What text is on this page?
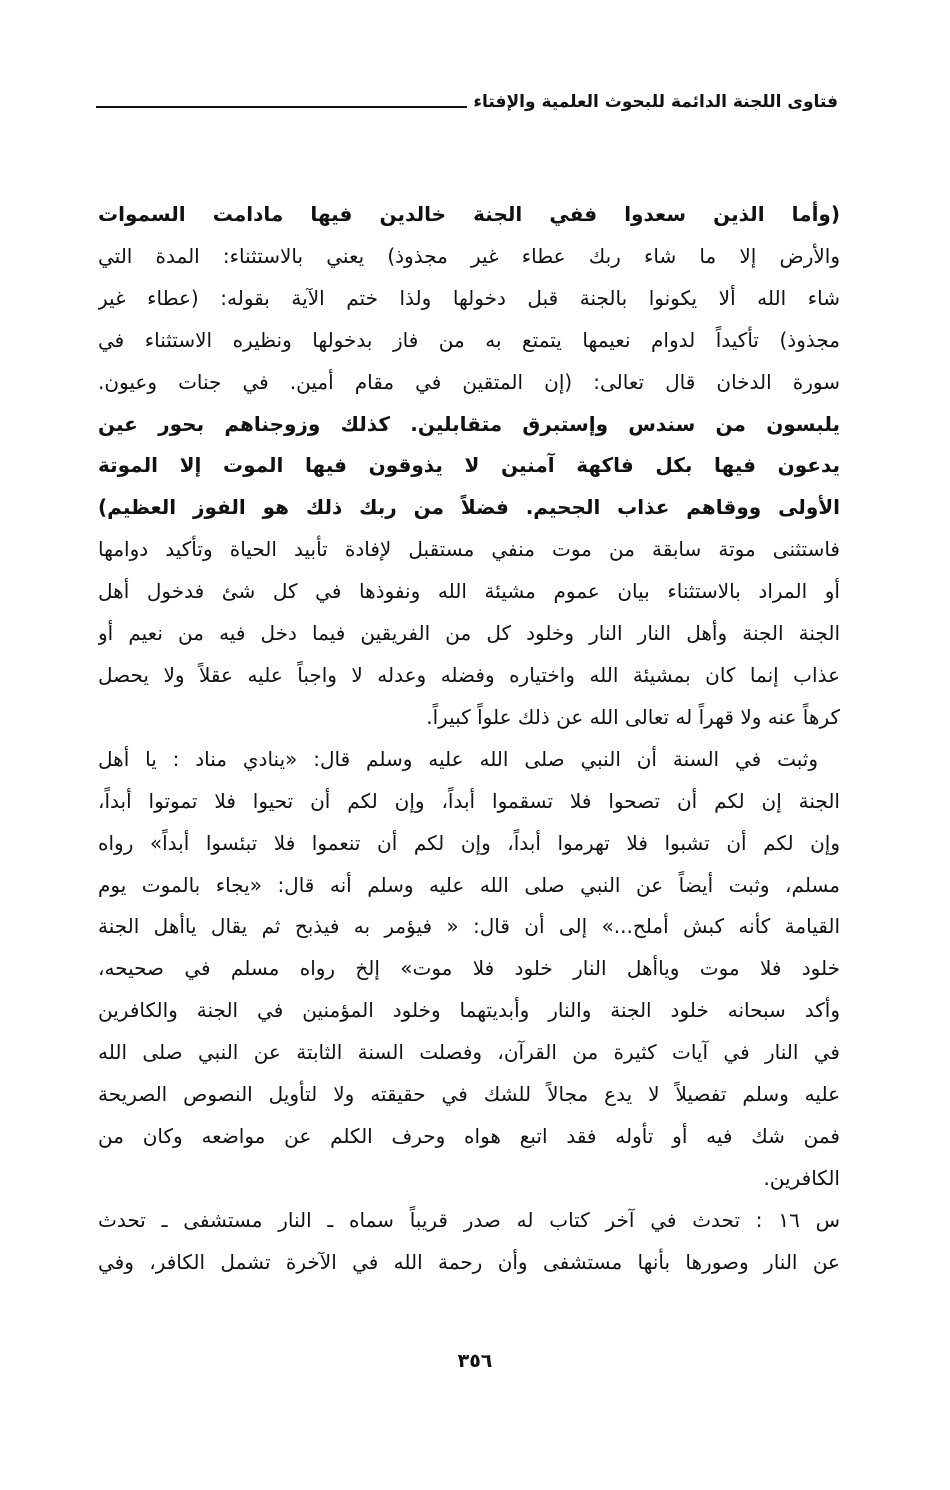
فتاوى اللجنة الدائمة للبحوث العلمية والإفتاء
(وأما الذين سعدوا ففي الجنة خالدين فيها مادامت السموات
والأرض إلا ما شاء ربك عطاء غير مجذوذ) يعني بالاستثناء: المدة التي
شاء الله ألا يكونوا بالجنة قبل دخولها ولذا ختم الآية بقوله: (عطاء غير
مجذوذ) تأكيداً لدوام نعيمها يتمتع به من فاز بدخولها ونظيره الاستثناء في
سورة الدخان قال تعالى: (إن المتقين في مقام أمين. في جنات وعيون.
يلبسون من سندس وإستبرق متقابلين. كذلك وزوجناهم بحور عين
يدعون فيها بكل فاكهة آمنين لا يذوقون فيها الموت إلا الموتة
الأولى ووقاهم عذاب الجحيم. فضلاً من ربك ذلك هو الفوز العظيم)
فاستثنى موتة سابقة من موت منفي مستقبل لإفادة تأبيد الحياة وتأكيد دوامها
أو المراد بالاستثناء بيان عموم مشيئة الله ونفوذها في كل شئ فدخول أهل
الجنة الجنة وأهل النار النار وخلود كل من الفريقين فيما دخل فيه من نعيم أو
عذاب إنما كان بمشيئة الله واختياره وفضله وعدله لا واجباً عليه عقلاً ولا يحصل
كرهاً عنه ولا قهراً له تعالى الله عن ذلك علواً كبيراً.
وثبت في السنة أن النبي صلى الله عليه وسلم قال: «ينادي مناد : يا أهل
الجنة إن لكم أن تصحوا فلا تسقموا أبداً، وإن لكم أن تحيوا فلا تموتوا أبداً،
وإن لكم أن تشبوا فلا تهرموا أبداً، وإن لكم أن تنعموا فلا تبئسوا أبداً» رواه
مسلم، وثبت أيضاً عن النبي صلى الله عليه وسلم أنه قال: «يجاء بالموت يوم
القيامة كأنه كبش أملح...» إلى أن قال: « فيؤمر به فيذبح ثم يقال ياأهل الجنة
خلود فلا موت وياأهل النار خلود فلا موت» إلخ رواه مسلم في صحيحه،
وأكد سبحانه خلود الجنة والنار وأبديتهما وخلود المؤمنين في الجنة والكافرين
في النار في آيات كثيرة من القرآن، وفصلت السنة الثابتة عن النبي صلى الله
عليه وسلم تفصيلاً لا يدع مجالاً للشك في حقيقته ولا لتأويل النصوص الصريحة
فمن شك فيه أو تأوله فقد اتبع هواه وحرف الكلم عن مواضعه وكان من
الكافرين.
س ١٦ : تحدث في آخر كتاب له صدر قريباً سماه ـ النار مستشفى ـ تحدث
عن النار وصورها بأنها مستشفى وأن رحمة الله في الآخرة تشمل الكافر، وفي
٣٥٦
